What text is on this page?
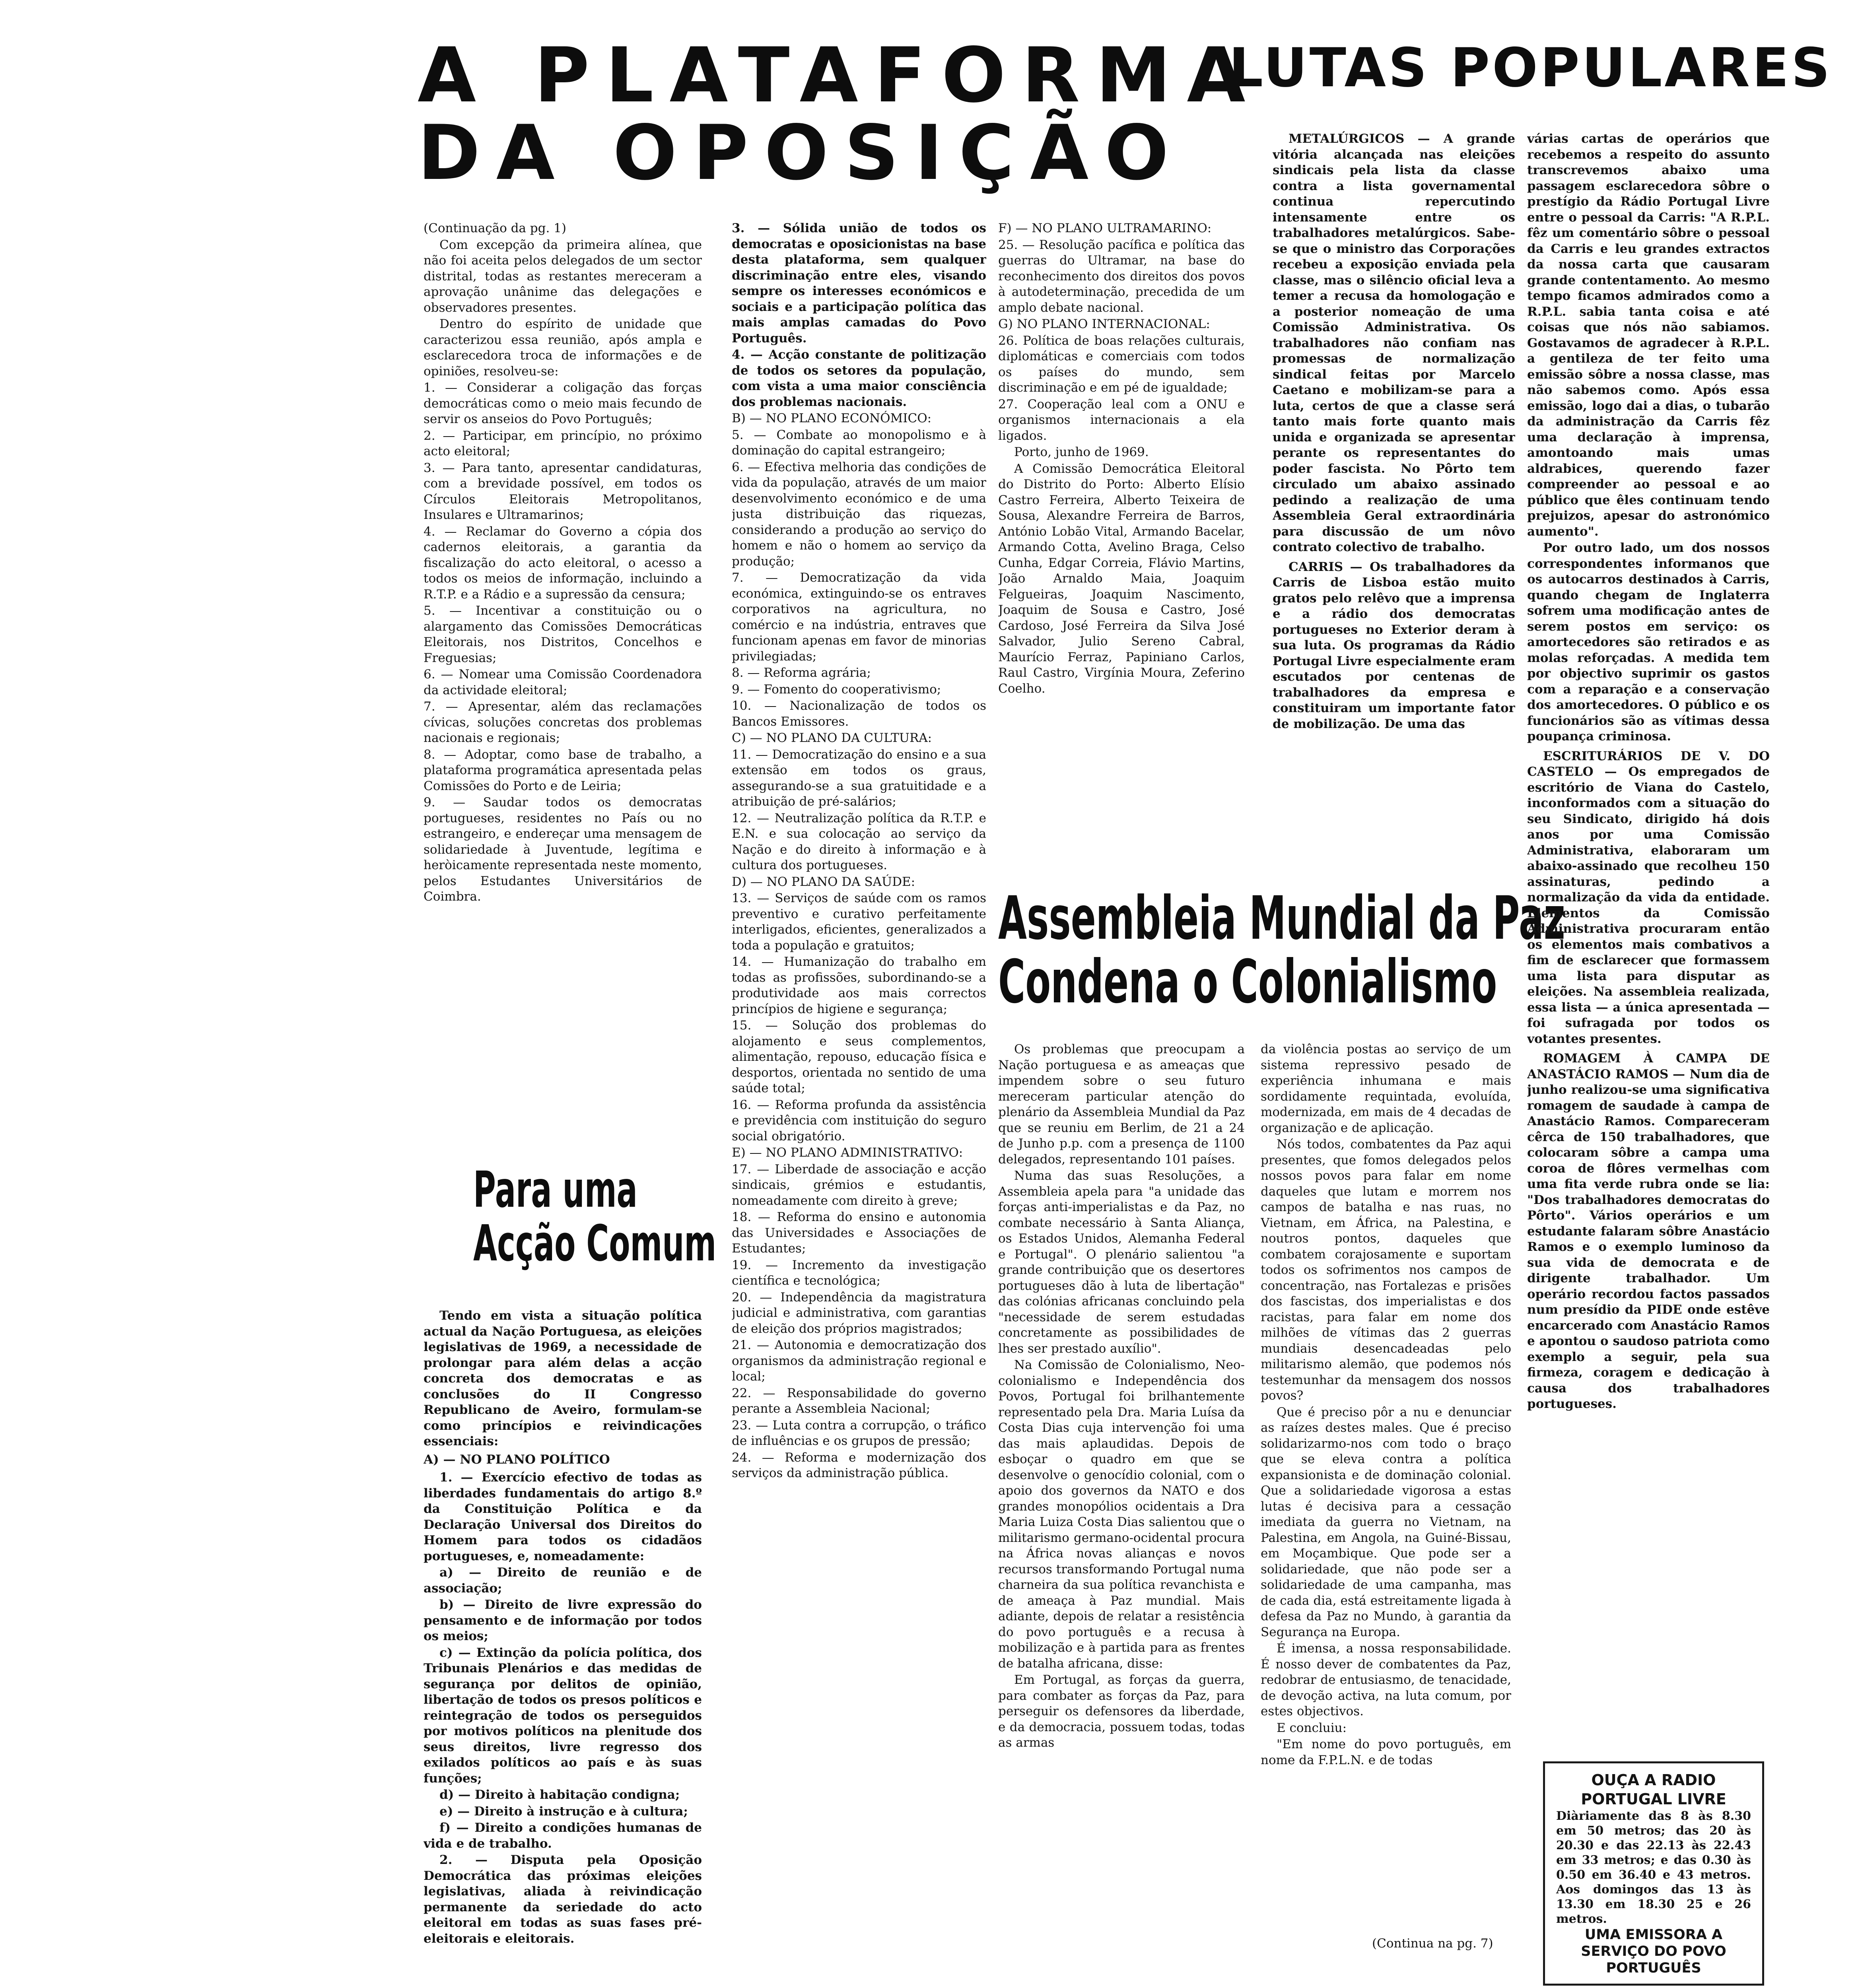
A PLATAFORMA
DA OPOSIÇÃO
LUTAS POPULARES

(Continuação da pg. 1)

Com excepção da primeira alínea, que não foi aceita pelos delegados de um sector distrital, todas as restantes mereceram a aprovação unânime das delegações e observadores presentes.

Dentro do espírito de unidade que caracterizou essa reunião, após ampla e esclarecedora troca de informações e de opiniões, resolveu-se:

1. — Considerar a coligação das forças democráticas como o meio mais fecundo de servir os anseios do Povo Português;

2. — Participar, em princípio, no próximo acto eleitoral;

3. — Para tanto, apresentar candidaturas, com a brevidade possível, em todos os Círculos Eleitorais Metropolitanos, Insulares e Ultramarinos;

4. — Reclamar do Governo a cópia dos cadernos eleitorais, a garantia da fiscalização do acto eleitoral, o acesso a todos os meios de informação, incluindo a R.T.P. e a Rádio e a supressão da censura;

5. — Incentivar a constituição ou o alargamento das Comissões Democráticas Eleitorais, nos Distritos, Concelhos e Freguesias;

6. — Nomear uma Comissão Coordenadora da actividade eleitoral;

7. — Apresentar, além das reclamações cívicas, soluções concretas dos problemas nacionais e regionais;

8. — Adoptar, como base de trabalho, a plataforma programática apresentada pelas Comissões do Porto e de Leiria;

9. — Saudar todos os democratas portugueses, residentes no País ou no estrangeiro, e endereçar uma mensagem de solidariedade à Juventude, legítima e heròicamente representada neste momento, pelos Estudantes Universitários de Coimbra.

3. — Sólida união de todos os democratas e oposicionistas na base desta plataforma, sem qualquer discriminação entre eles, visando sempre os interesses económicos e sociais e a participação política das mais amplas camadas do Povo Português.

4. — Acção constante de politização de todos os setores da população, com vista a uma maior consciência dos problemas nacionais.

B) — NO PLANO ECONÓMICO:

5. — Combate ao monopolismo e à dominação do capital estrangeiro;

6. — Efectiva melhoria das condições de vida da população, através de um maior desenvolvimento económico e de uma justa distribuição das riquezas, considerando a produção ao serviço do homem e não o homem ao serviço da produção;

7. — Democratização da vida económica, extinguindo-se os entraves corporativos na agricultura, no comércio e na indústria, entraves que funcionam apenas em favor de minorias privilegiadas;

8. — Reforma agrária;

9. — Fomento do cooperativismo;

10. — Nacionalização de todos os Bancos Emissores.

C) — NO PLANO DA CULTURA:

11. — Democratização do ensino e a sua extensão em todos os graus, assegurando-se a sua gratuitidade e a atribuição de pré-salários;

12. — Neutralização política da R.T.P. e E.N. e sua colocação ao serviço da Nação e do direito à informação e à cultura dos portugueses.

D) — NO PLANO DA SAÚDE:

13. — Serviços de saúde com os ramos preventivo e curativo perfeitamente interligados, eficientes, generalizados a toda a população e gratuitos;

14. — Humanização do trabalho em todas as profissões, subordinando-se a produtividade aos mais correctos princípios de higiene e segurança;

15. — Solução dos problemas do alojamento e seus complementos, alimentação, repouso, educação física e desportos, orientada no sentido de uma saúde total;

16. — Reforma profunda da assistência e previdência com instituição do seguro social obrigatório.

E) — NO PLANO ADMINISTRATIVO:

17. — Liberdade de associação e acção sindicais, grémios e estudantis, nomeadamente com direito à greve;

18. — Reforma do ensino e autonomia das Universidades e Associações de Estudantes;

19. — Incremento da investigação científica e tecnológica;

20. — Independência da magistratura judicial e administrativa, com garantias de eleição dos próprios magistrados;

21. — Autonomia e democratização dos organismos da administração regional e local;

22. — Responsabilidade do governo perante a Assembleia Nacional;

23. — Luta contra a corrupção, o tráfico de influências e os grupos de pressão;

24. — Reforma e modernização dos serviços da administração pública.

F) — NO PLANO ULTRAMARINO:

25. — Resolução pacífica e política das guerras do Ultramar, na base do reconhecimento dos direitos dos povos à autodeterminação, precedida de um amplo debate nacional.

G) NO PLANO INTERNACIONAL:

26. Política de boas relações culturais, diplomáticas e comerciais com todos os países do mundo, sem discriminação e em pé de igualdade;

27. Cooperação leal com a ONU e organismos internacionais a ela ligados.

Porto, junho de 1969.

A Comissão Democrática Eleitoral do Distrito do Porto: Alberto Elísio Castro Ferreira, Alberto Teixeira de Sousa, Alexandre Ferreira de Barros, António Lobão Vital, Armando Bacelar, Armando Cotta, Avelino Braga, Celso Cunha, Edgar Correia, Flávio Martins, João Arnaldo Maia, Joaquim Felgueiras, Joaquim Nascimento, Joaquim de Sousa e Castro, José Cardoso, José Ferreira da Silva José Salvador, Julio Sereno Cabral, Maurício Ferraz, Papiniano Carlos, Raul Castro, Virgínia Moura, Zeferino Coelho.

Para uma
Acção Comum

Tendo em vista a situação política actual da Nação Portuguesa, as eleições legislativas de 1969, a necessidade de prolongar para além delas a acção concreta dos democratas e as conclusões do II Congresso Republicano de Aveiro, formulam-se como princípios e reivindicações essenciais:

A) — NO PLANO POLÍTICO

1. — Exercício efectivo de todas as liberdades fundamentais do artigo 8.º da Constituição Política e da Declaração Universal dos Direitos do Homem para todos os cidadãos portugueses, e, nomeadamente:

a) — Direito de reunião e de associação;

b) — Direito de livre expressão do pensamento e de informação por todos os meios;

c) — Extinção da polícia política, dos Tribunais Plenários e das medidas de segurança por delitos de opinião, libertação de todos os presos políticos e reintegração de todos os perseguidos por motivos políticos na plenitude dos seus direitos, livre regresso dos exilados políticos ao país e às suas funções;

d) — Direito à habitação condigna;

e) — Direito à instrução e à cultura;

f) — Direito a condições humanas de vida e de trabalho.

2. — Disputa pela Oposição Democrática das próximas eleições legislativas, aliada à reivindicação permanente da seriedade do acto eleitoral em todas as suas fases pré-eleitorais e eleitorais.

Assembleia Mundial da Paz
Condena o Colonialismo

Os problemas que preocupam a Nação portuguesa e as ameaças que impendem sobre o seu futuro mereceram particular atenção do plenário da Assembleia Mundial da Paz que se reuniu em Berlim, de 21 a 24 de Junho p.p. com a presença de 1100 delegados, representando 101 países.

Numa das suas Resoluções, a Assembleia apela para "a unidade das forças anti-imperialistas e da Paz, no combate necessário à Santa Aliança, os Estados Unidos, Alemanha Federal e Portugal". O plenário salientou "a grande contribuição que os desertores portugueses dão à luta de libertação" das colónias africanas concluindo pela "necessidade de serem estudadas concretamente as possibilidades de lhes ser prestado auxílio".

Na Comissão de Colonialismo, Neo-colonialismo e Independência dos Povos, Portugal foi brilhantemente representado pela Dra. Maria Luísa da Costa Dias cuja intervenção foi uma das mais aplaudidas. Depois de esboçar o quadro em que se desenvolve o genocídio colonial, com o apoio dos governos da NATO e dos grandes monopólios ocidentais a Dra Maria Luiza Costa Dias salientou que o militarismo germano-ocidental procura na África novas alianças e novos recursos transformando Portugal numa charneira da sua política revanchista e de ameaça à Paz mundial. Mais adiante, depois de relatar a resistência do povo português e a recusa à mobilização e à partida para as frentes de batalha africana, disse:

Em Portugal, as forças da guerra, para combater as forças da Paz, para perseguir os defensores da liberdade, e da democracia, possuem todas, todas as armas

da violência postas ao serviço de um sistema repressivo pesado de experiência inhumana e mais sordidamente requintada, evoluída, modernizada, em mais de 4 decadas de organização e de aplicação.

Nós todos, combatentes da Paz aqui presentes, que fomos delegados pelos nossos povos para falar em nome daqueles que lutam e morrem nos campos de batalha e nas ruas, no Vietnam, em África, na Palestina, e noutros pontos, daqueles que combatem corajosamente e suportam todos os sofrimentos nos campos de concentração, nas Fortalezas e prisões dos fascistas, dos imperialistas e dos racistas, para falar em nome dos milhões de vítimas das 2 guerras mundiais desencadeadas pelo militarismo alemão, que podemos nós testemunhar da mensagem dos nossos povos?

Que é preciso pôr a nu e denunciar as raízes destes males. Que é preciso solidarizarmo-nos com todo o braço que se eleva contra a política expansionista e de dominação colonial. Que a solidariedade vigorosa a estas lutas é decisiva para a cessação imediata da guerra no Vietnam, na Palestina, em Angola, na Guiné-Bissau, em Moçambique. Que pode ser a solidariedade, que não pode ser a solidariedade de uma campanha, mas de cada dia, está estreitamente ligada à defesa da Paz no Mundo, à garantia da Segurança na Europa.

É imensa, a nossa responsabilidade. É nosso dever de combatentes da Paz, redobrar de entusiasmo, de tenacidade, de devoção activa, na luta comum, por estes objectivos.

E concluiu:

"Em nome do povo português, em nome da F.P.L.N. e de todas

(Continua na pg. 7)

METALÚRGICOS — A grande vitória alcançada nas eleições sindicais pela lista da classe contra a lista governamental continua repercutindo intensamente entre os trabalhadores metalúrgicos. Sabe-se que o ministro das Corporações recebeu a exposição enviada pela classe, mas o silêncio oficial leva a temer a recusa da homologação e a posterior nomeação de uma Comissão Administrativa. Os trabalhadores não confiam nas promessas de normalização sindical feitas por Marcelo Caetano e mobilizam-se para a luta, certos de que a classe será tanto mais forte quanto mais unida e organizada se apresentar perante os representantes do poder fascista. No Pôrto tem circulado um abaixo assinado pedindo a realização de uma Assembleia Geral extraordinária para discussão de um nôvo contrato colectivo de trabalho.

CARRIS — Os trabalhadores da Carris de Lisboa estão muito gratos pelo relêvo que a imprensa e a rádio dos democratas portugueses no Exterior deram à sua luta. Os programas da Rádio Portugal Livre especialmente eram escutados por centenas de trabalhadores da empresa e constituiram um importante fator de mobilização. De uma das

várias cartas de operários que recebemos a respeito do assunto transcrevemos abaixo uma passagem esclarecedora sôbre o prestígio da Rádio Portugal Livre entre o pessoal da Carris: "A R.P.L. fêz um comentário sôbre o pessoal da Carris e leu grandes extractos da nossa carta que causaram grande contentamento. Ao mesmo tempo ficamos admirados como a R.P.L. sabia tanta coisa e até coisas que nós não sabiamos. Gostavamos de agradecer à R.P.L. a gentileza de ter feito uma emissão sôbre a nossa classe, mas não sabemos como. Após essa emissão, logo dai a dias, o tubarão da administração da Carris fêz uma declaração à imprensa, amontoando mais umas aldrabices, querendo fazer compreender ao pessoal e ao público que êles continuam tendo prejuizos, apesar do astronómico aumento".

Por outro lado, um dos nossos correspondentes informanos que os autocarros destinados à Carris, quando chegam de Inglaterra sofrem uma modificação antes de serem postos em serviço: os amortecedores são retirados e as molas reforçadas. A medida tem por objectivo suprimir os gastos com a reparação e a conservação dos amortecedores. O público e os funcionários são as vítimas dessa poupança criminosa.

ESCRITURÁRIOS DE V. DO CASTELO — Os empregados de escritório de Viana do Castelo, inconformados com a situação do seu Sindicato, dirigido há dois anos por uma Comissão Administrativa, elaboraram um abaixo-assinado que recolheu 150 assinaturas, pedindo a normalização da vida da entidade. Elementos da Comissão Administrativa procuraram então os elementos mais combativos a fim de esclarecer que formassem uma lista para disputar as eleições. Na assembleia realizada, essa lista — a única apresentada — foi sufragada por todos os votantes presentes.

ROMAGEM À CAMPA DE ANASTÁCIO RAMOS — Num dia de junho realizou-se uma significativa romagem de saudade à campa de Anastácio Ramos. Compareceram cêrca de 150 trabalhadores, que colocaram sôbre a campa uma coroa de flôres vermelhas com uma fita verde rubra onde se lia: "Dos trabalhadores democratas do Pôrto". Vários operários e um estudante falaram sôbre Anastácio Ramos e o exemplo luminoso da sua vida de democrata e de dirigente trabalhador. Um operário recordou factos passados num presídio da PIDE onde estêve encarcerado com Anastácio Ramos e apontou o saudoso patriota como exemplo a seguir, pela sua firmeza, coragem e dedicação à causa dos trabalhadores portugueses.

OUÇA A RADIO
PORTUGAL LIVRE
Diàriamente das 8 às 8.30 em 50 metros; das 20 às 20.30 e das 22.13 às 22.43 em 33 metros; e das 0.30 às 0.50 em 36.40 e 43 metros. Aos domingos das 13 às 13.30 em 18.30 25 e 26 metros.
UMA EMISSORA A SERVIÇO DO POVO PORTUGUÊS
